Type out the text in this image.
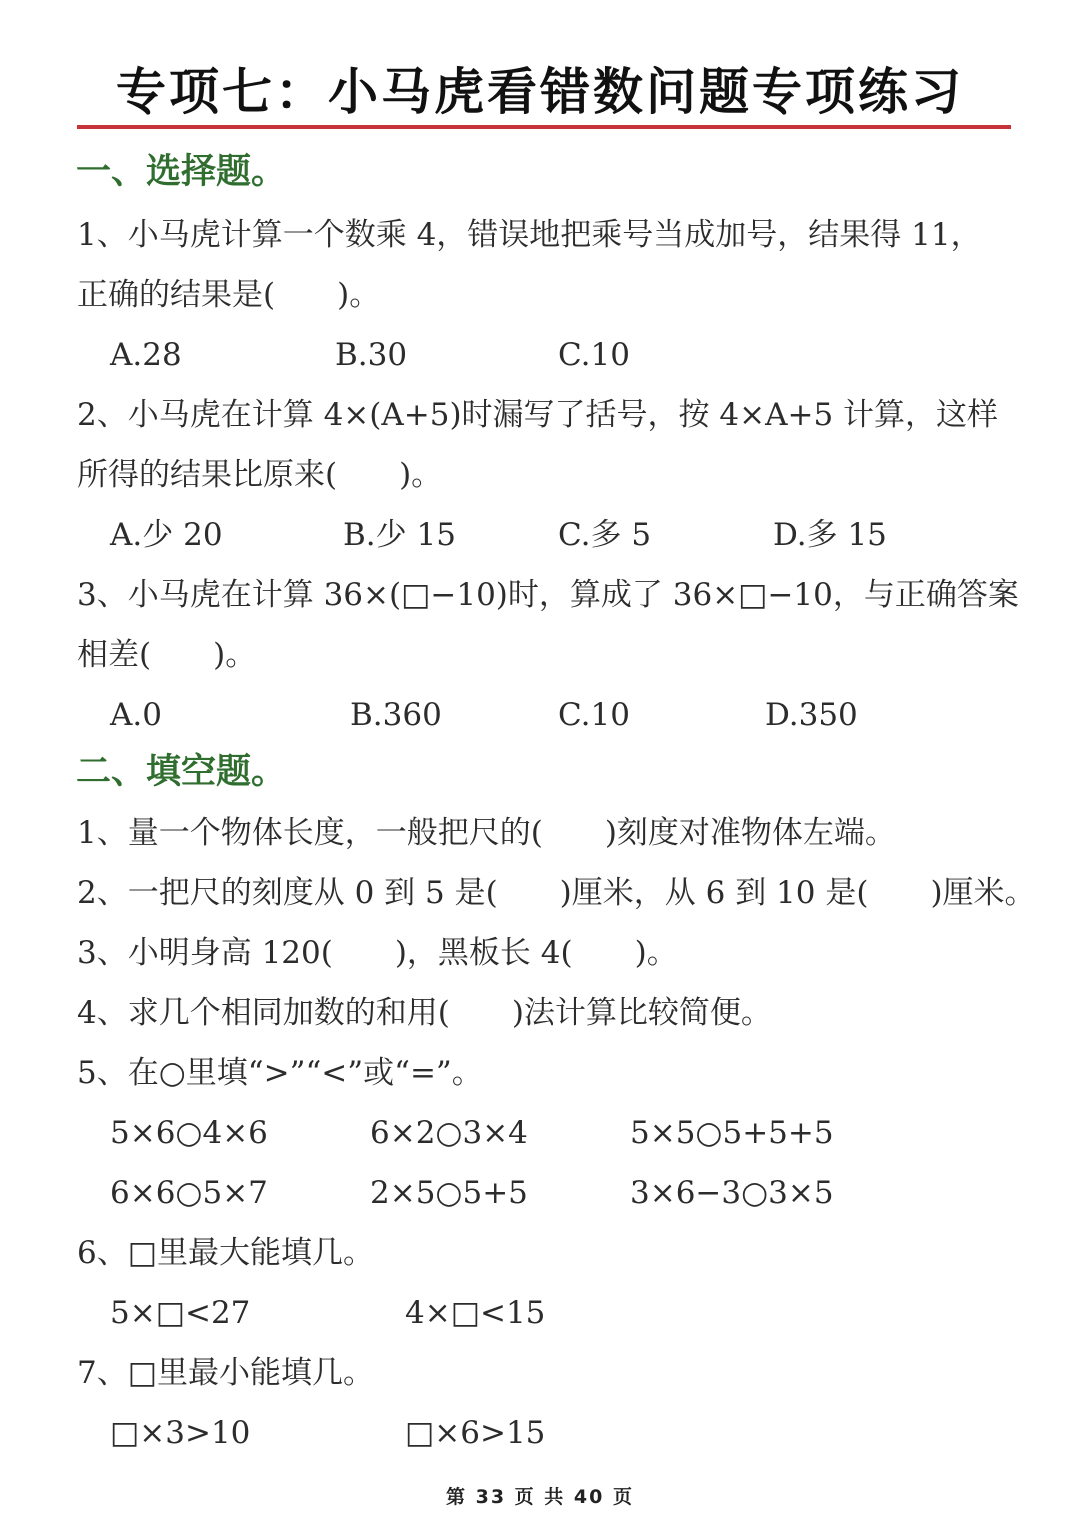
专项七：小马虎看错数问题专项练习
一、选择题。
1、小马虎计算一个数乘 4，错误地把乘号当成加号，结果得 11，
正确的结果是(　　)。
A.28	B.30	C.10
2、小马虎在计算 4×(A+5)时漏写了括号，按 4×A+5 计算，这样
所得的结果比原来(　　)。
A.少 20	B.少 15	C.多 5	D.多 15
3、小马虎在计算 36×(□−10)时，算成了 36×□−10，与正确答案
相差(　　)。
A.0	B.360	C.10	D.350
二、填空题。
1、量一个物体长度，一般把尺的(　　)刻度对准物体左端。
2、一把尺的刻度从 0 到 5 是(　　)厘米，从 6 到 10 是(　　)厘米。
3、小明身高 120(　　)，黑板长 4(　　)。
4、求几个相同加数的和用(　　)法计算比较简便。
5、在○里填“>”“<”或“=”。
5×6○4×6	6×2○3×4	5×5○5+5+5
6×6○5×7	2×5○5+5	3×6−3○3×5
6、□里最大能填几。
5×□<27	4×□<15
7、□里最小能填几。
□×3>10	□×6>15
第 33 页 共 40 页
